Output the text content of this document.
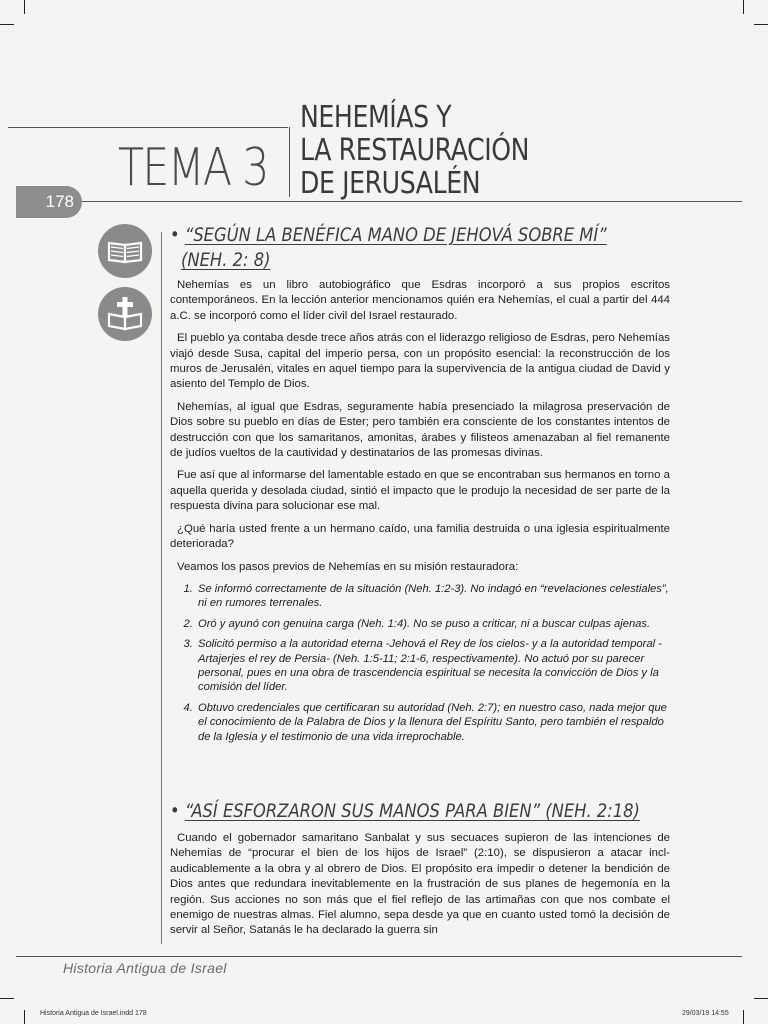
TEMA 3
NEHEMÍAS Y
LA RESTAURACIÓN
DE JERUSALÉN
178
• “SEGÚN LA BENÉFICA MANO DE JEHOVÁ SOBRE MÍ”
(NEH. 2: 8)

Nehemías es un libro autobiográfico que Esdras incorporó a sus propios escritos contemporáneos. En la lección anterior mencionamos quién era Nehemías, el cual a partir del 444 a.C. se incorporó como el líder civil del Israel restaurado.

El pueblo ya contaba desde trece años atrás con el liderazgo religioso de Esdras, pero Nehemías viajó desde Susa, capital del imperio persa, con un propósito esencial: la reconstrucción de los muros de Jerusalén, vitales en aquel tiempo para la supervivencia de la antigua ciudad de David y asiento del Templo de Dios.

Nehemías, al igual que Esdras, seguramente había presenciado la milagrosa preservación de Dios sobre su pueblo en días de Ester; pero también era consciente de los constantes intentos de destrucción con que los samaritanos, amonitas, árabes y filisteos amenazaban al fiel remanente de judíos vueltos de la cautividad y destinatarios de las promesas divinas.

Fue así que al informarse del lamentable estado en que se encontraban sus hermanos en torno a aquella querida y desolada ciudad, sintió el impacto que le produjo la necesidad de ser parte de la respuesta divina para solucionar ese mal.

¿Qué haría usted frente a un hermano caído, una familia destruida o una iglesia espiritualmente deteriorada?

Veamos los pasos previos de Nehemías en su misión restauradora:

1. Se informó correctamente de la situación (Neh. 1:2-3). No indagó en “revelaciones celestiales”, ni en rumores terrenales.
2. Oró y ayunó con genuina carga (Neh. 1:4). No se puso a criticar, ni a buscar culpas ajenas.
3. Solicitó permiso a la autoridad eterna -Jehová el Rey de los cielos- y a la autoridad temporal -Artajerjes el rey de Persia- (Neh. 1:5-11; 2:1-6, respectivamente). No actuó por su parecer personal, pues en una obra de trascendencia espiritual se necesita la convicción de Dios y la comisión del líder.
4. Obtuvo credenciales que certificaran su autoridad (Neh. 2:7); en nuestro caso, nada mejor que el conocimiento de la Palabra de Dios y la llenura del Espíritu Santo, pero también el respaldo de la Iglesia y el testimonio de una vida irreprochable.
• “ASÍ ESFORZARON SUS MANOS PARA BIEN” (NEH. 2:18)

Cuando el gobernador samaritano Sanbalat y sus secuaces supieron de las intenciones de Nehemías de “procurar el bien de los hijos de Israel” (2:10), se dispusieron a atacar inclaudicablemente a la obra y al obrero de Dios. El propósito era impedir o detener la bendición de Dios antes que redundara inevitablemente en la frustración de sus planes de hegemonía en la región. Sus acciones no son más que el fiel reflejo de las artimañas con que nos combate el enemigo de nuestras almas. Fiel alumno, sepa desde ya que en cuanto usted tomó la decisión de servir al Señor, Satanás le ha declarado la guerra sin

Historia Antigua de Israel
Historia Antigua de Israel.indd 178	29/03/19 14:55
